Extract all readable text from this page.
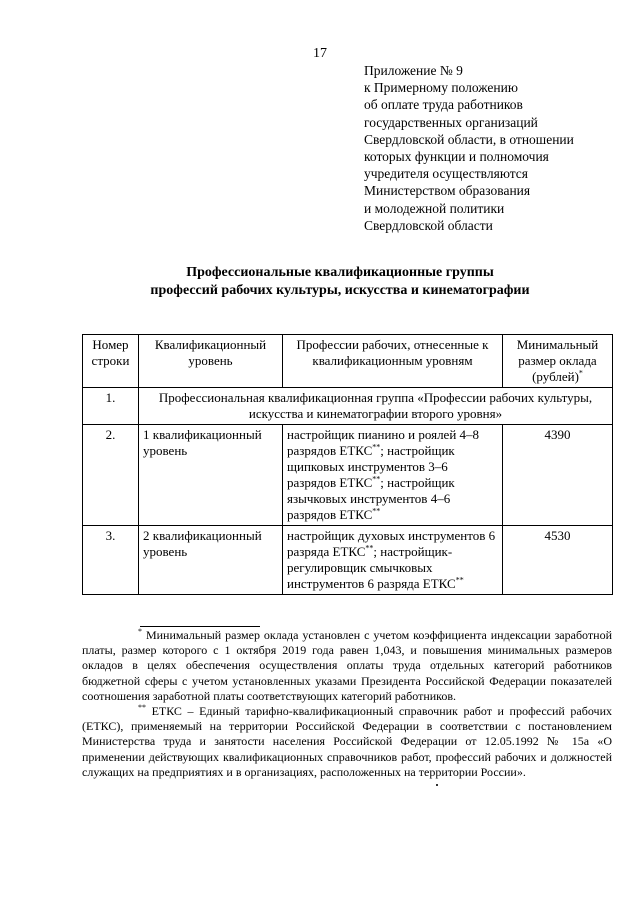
17
Приложение № 9
к Примерному положению
об оплате труда работников
государственных организаций
Свердловской области, в отношении
которых функции и полномочия
учредителя осуществляются
Министерством образования
и молодежной политики
Свердловской области
Профессиональные квалификационные группы
профессий рабочих культуры, искусства и кинематографии
Номер строки	Квалификационный уровень	Профессии рабочих, отнесенные к квалификационным уровням	Минимальный размер оклада (рублей)*
1.	Профессиональная квалификационная группа «Профессии рабочих культуры, искусства и кинематографии второго уровня»		
2.	1 квалификационный уровень	настройщик пианино и роялей 4–8 разрядов ЕТКС**; настройщик щипковых инструментов 3–6 разрядов ЕТКС**; настройщик язычковых инструментов 4–6 разрядов ЕТКС**	4390
3.	2 квалификационный уровень	настройщик духовых инструментов 6 разряда ЕТКС**; настройщик-регулировщик смычковых инструментов 6 разряда ЕТКС**	4530

* Минимальный размер оклада установлен с учетом коэффициента индексации заработной платы, размер которого с 1 октября 2019 года равен 1,043, и повышения минимальных размеров окладов в целях обеспечения осуществления оплаты труда отдельных категорий работников бюджетной сферы с учетом установленных указами Президента Российской Федерации показателей соотношения заработной платы соответствующих категорий работников.

** ЕТКС – Единый тарифно-квалификационный справочник работ и профессий рабочих (ЕТКС), применяемый на территории Российской Федерации в соответствии с постановлением Министерства труда и занятости населения Российской Федерации от 12.05.1992 № 15а «О применении действующих квалификационных справочников работ, профессий рабочих и должностей служащих на предприятиях и в организациях, расположенных на территории России».
